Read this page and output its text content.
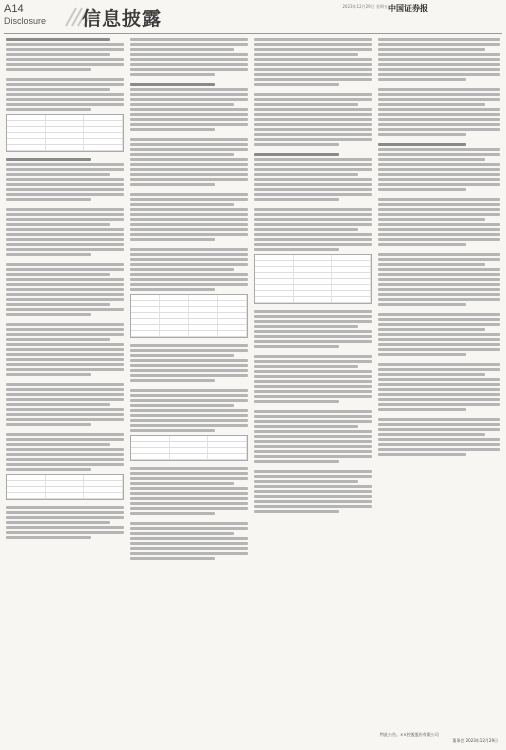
A14
Disclosure 信息披露
2023年12月29日 星期五 中国证券报
特此公告。××控股股份有限公司
董事会 2023年12月29日
